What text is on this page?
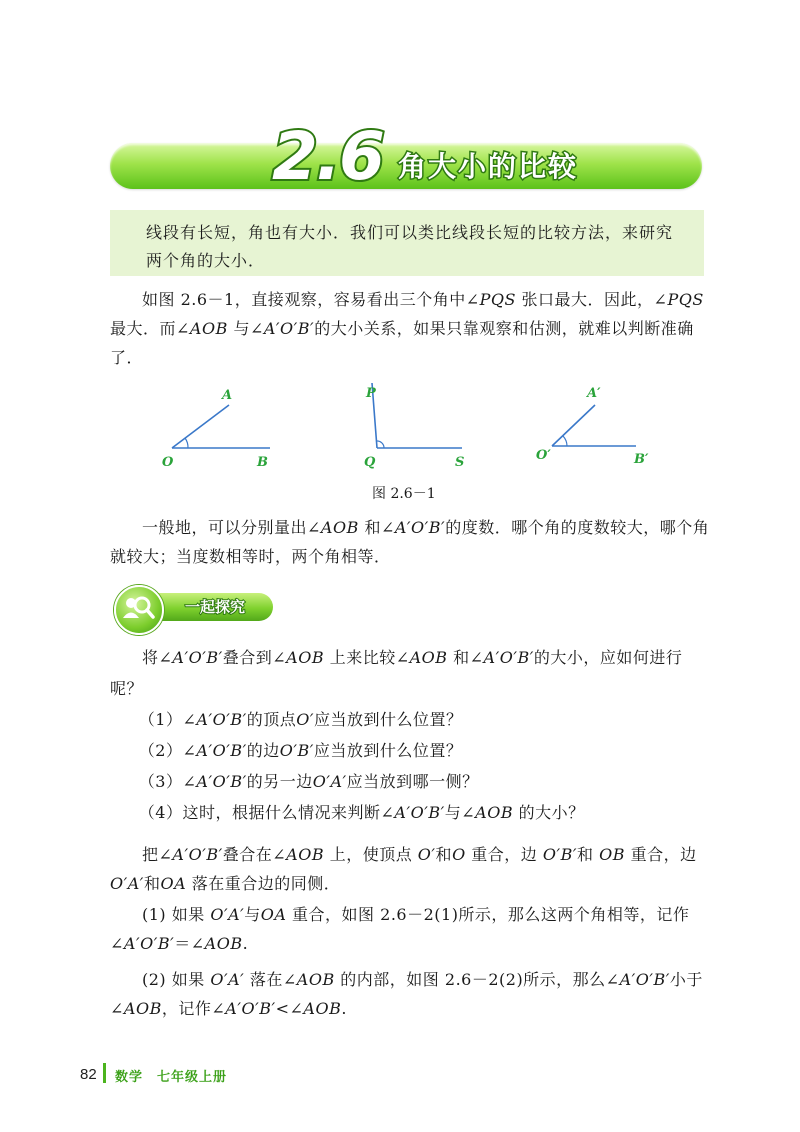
2.6 角大小的比较

线段有长短，角也有大小．我们可以类比线段长短的比较方法，来研究两个角的大小．

如图 2.6－1，直接观察，容易看出三个角中∠PQS 张口最大．因此，∠PQS 最大．而∠AOB 与∠A′O′B′的大小关系，如果只靠观察和估测，就难以判断准确了．

A
O	B
P
Q	S
A′
O′	B′
图 2.6－1

一般地，可以分别量出∠AOB 和∠A′O′B′的度数．哪个角的度数较大，哪个角就较大；当度数相等时，两个角相等．

一起探究

将∠A′O′B′叠合到∠AOB 上来比较∠AOB 和∠A′O′B′的大小，应如何进行呢？

（1）∠A′O′B′的顶点O′应当放到什么位置？

（2）∠A′O′B′的边O′B′应当放到什么位置？

（3）∠A′O′B′的另一边O′A′应当放到哪一侧？

（4）这时，根据什么情况来判断∠A′O′B′与∠AOB 的大小？

把∠A′O′B′叠合在∠AOB 上，使顶点 O′和O 重合，边 O′B′和 OB 重合，边 O′A′和OA 落在重合边的同侧．

(1) 如果 O′A′与OA 重合，如图 2.6－2(1)所示，那么这两个角相等，记作∠A′O′B′＝∠AOB.

(2) 如果 O′A′ 落在∠AOB 的内部，如图 2.6－2(2)所示，那么∠A′O′B′小于∠AOB，记作∠A′O′B′<∠AOB.

82 数学　七年级上册
